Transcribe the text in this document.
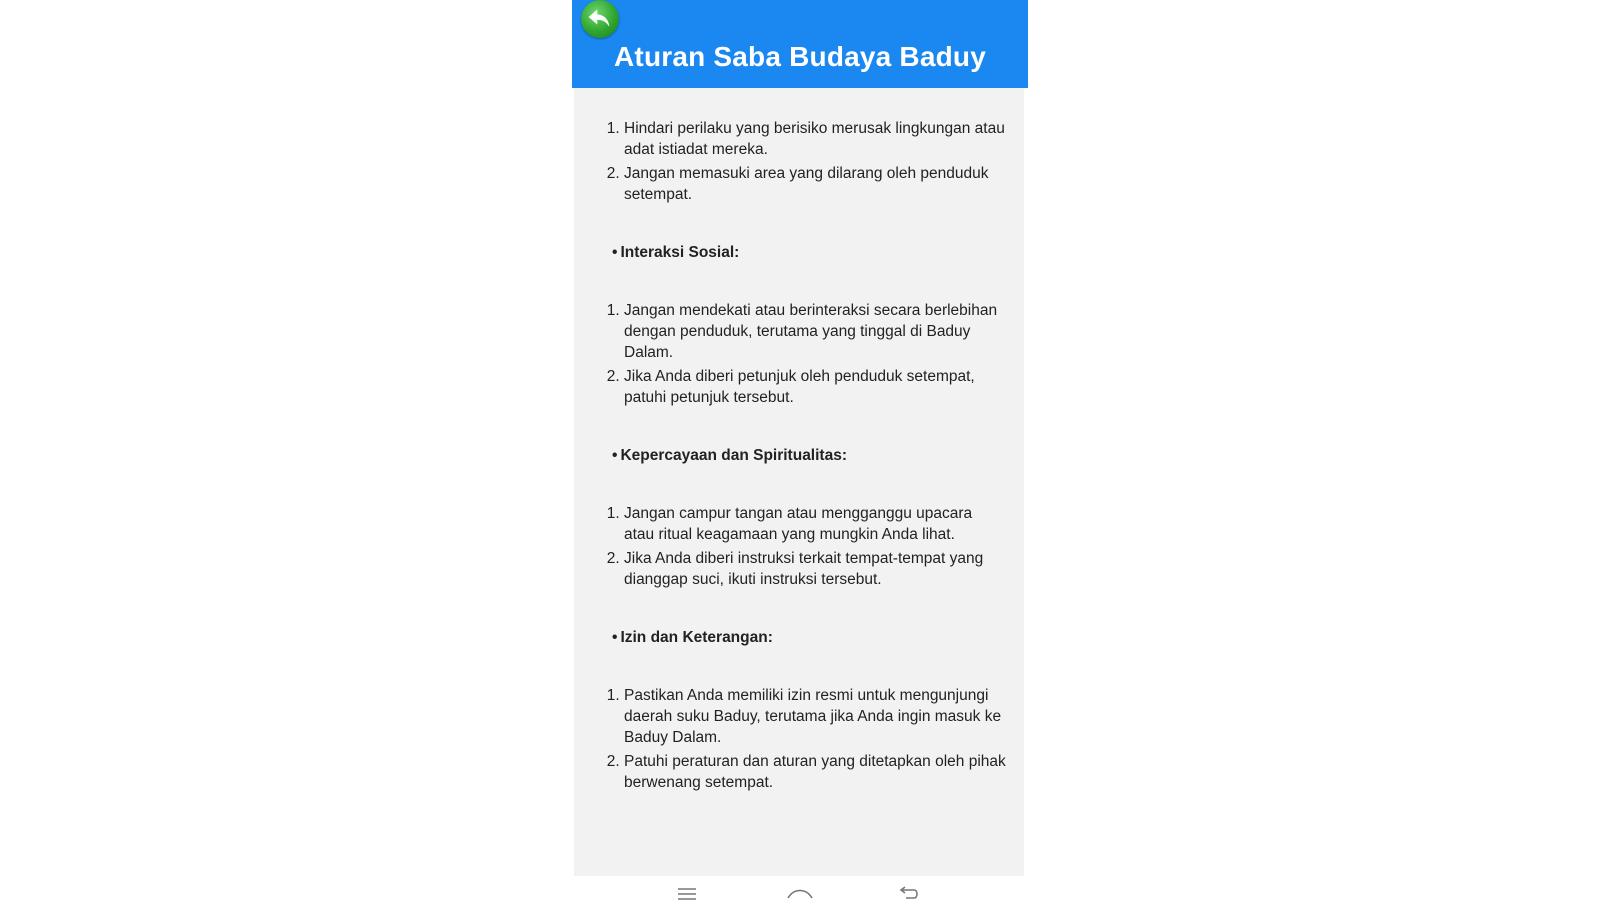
Aturan Saba Budaya Baduy
1. Hindari perilaku yang berisiko merusak lingkungan atau adat istiadat mereka.
2. Jangan memasuki area yang dilarang oleh penduduk setempat.
• Interaksi Sosial:
1. Jangan mendekati atau berinteraksi secara berlebihan dengan penduduk, terutama yang tinggal di Baduy Dalam.
2. Jika Anda diberi petunjuk oleh penduduk setempat, patuhi petunjuk tersebut.
• Kepercayaan dan Spiritualitas:
1. Jangan campur tangan atau mengganggu upacara atau ritual keagamaan yang mungkin Anda lihat.
2. Jika Anda diberi instruksi terkait tempat-tempat yang dianggap suci, ikuti instruksi tersebut.
• Izin dan Keterangan:
1. Pastikan Anda memiliki izin resmi untuk mengunjungi daerah suku Baduy, terutama jika Anda ingin masuk ke Baduy Dalam.
2. Patuhi peraturan dan aturan yang ditetapkan oleh pihak berwenang setempat.
